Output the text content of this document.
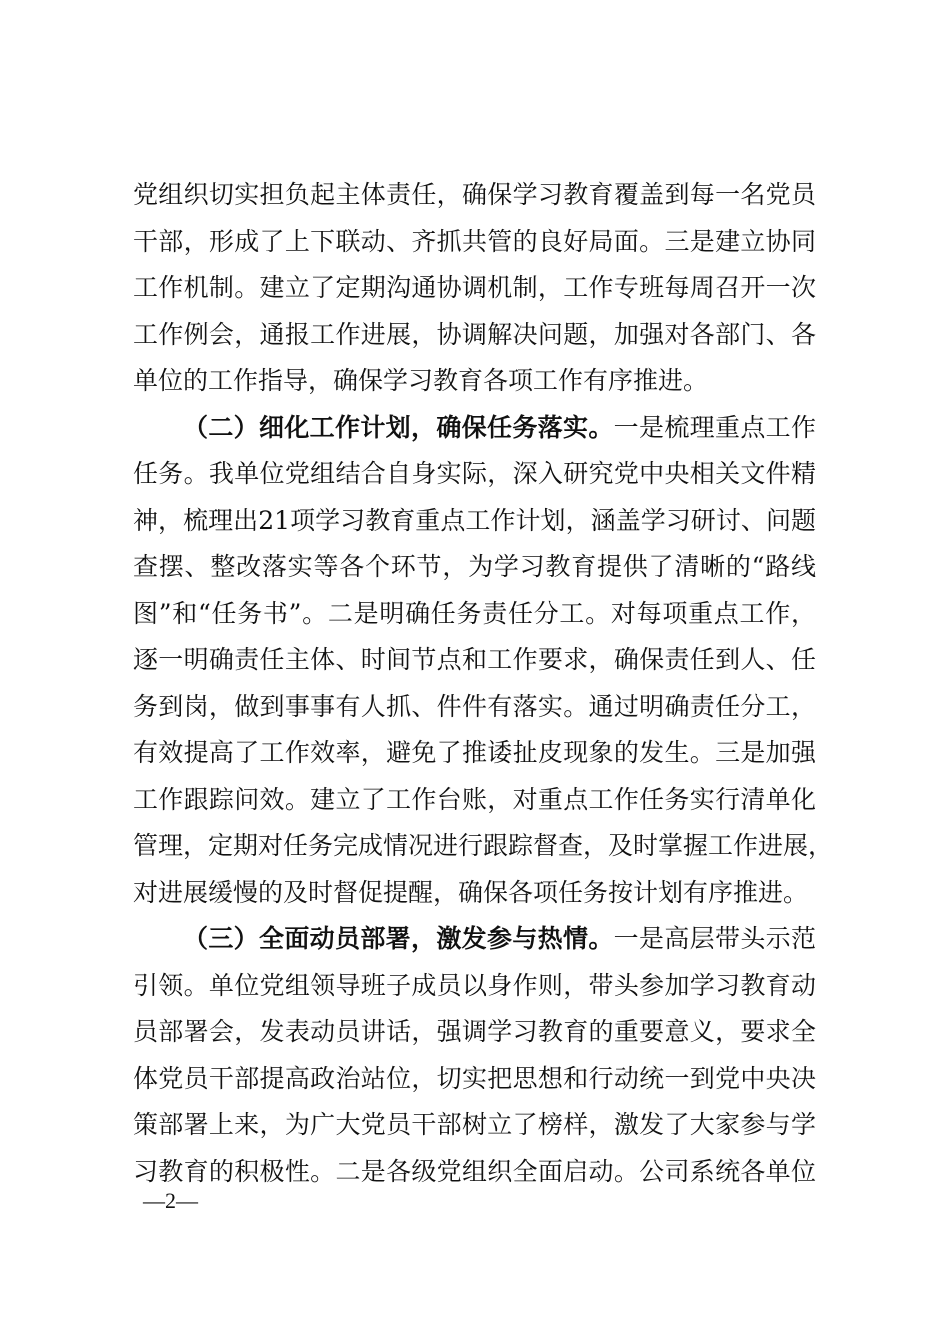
党组织切实担负起主体责任，确保学习教育覆盖到每一名党员
干部，形成了上下联动、齐抓共管的良好局面。三是建立协同
工作机制。建立了定期沟通协调机制，工作专班每周召开一次
工作例会，通报工作进展，协调解决问题，加强对各部门、各
单位的工作指导，确保学习教育各项工作有序推进。
（二）细化工作计划，确保任务落实。一是梳理重点工作
任务。我单位党组结合自身实际，深入研究党中央相关文件精
神，梳理出21项学习教育重点工作计划，涵盖学习研讨、问题
查摆、整改落实等各个环节，为学习教育提供了清晰的“路线
图”和“任务书”。二是明确任务责任分工。对每项重点工作，
逐一明确责任主体、时间节点和工作要求，确保责任到人、任
务到岗，做到事事有人抓、件件有落实。通过明确责任分工，
有效提高了工作效率，避免了推诿扯皮现象的发生。三是加强
工作跟踪问效。建立了工作台账，对重点工作任务实行清单化
管理，定期对任务完成情况进行跟踪督查，及时掌握工作进展，
对进展缓慢的及时督促提醒，确保各项任务按计划有序推进。
（三）全面动员部署，激发参与热情。一是高层带头示范
引领。单位党组领导班子成员以身作则，带头参加学习教育动
员部署会，发表动员讲话，强调学习教育的重要意义，要求全
体党员干部提高政治站位，切实把思想和行动统一到党中央决
策部署上来，为广大党员干部树立了榜样，激发了大家参与学
习教育的积极性。二是各级党组织全面启动。公司系统各单位
—2—
